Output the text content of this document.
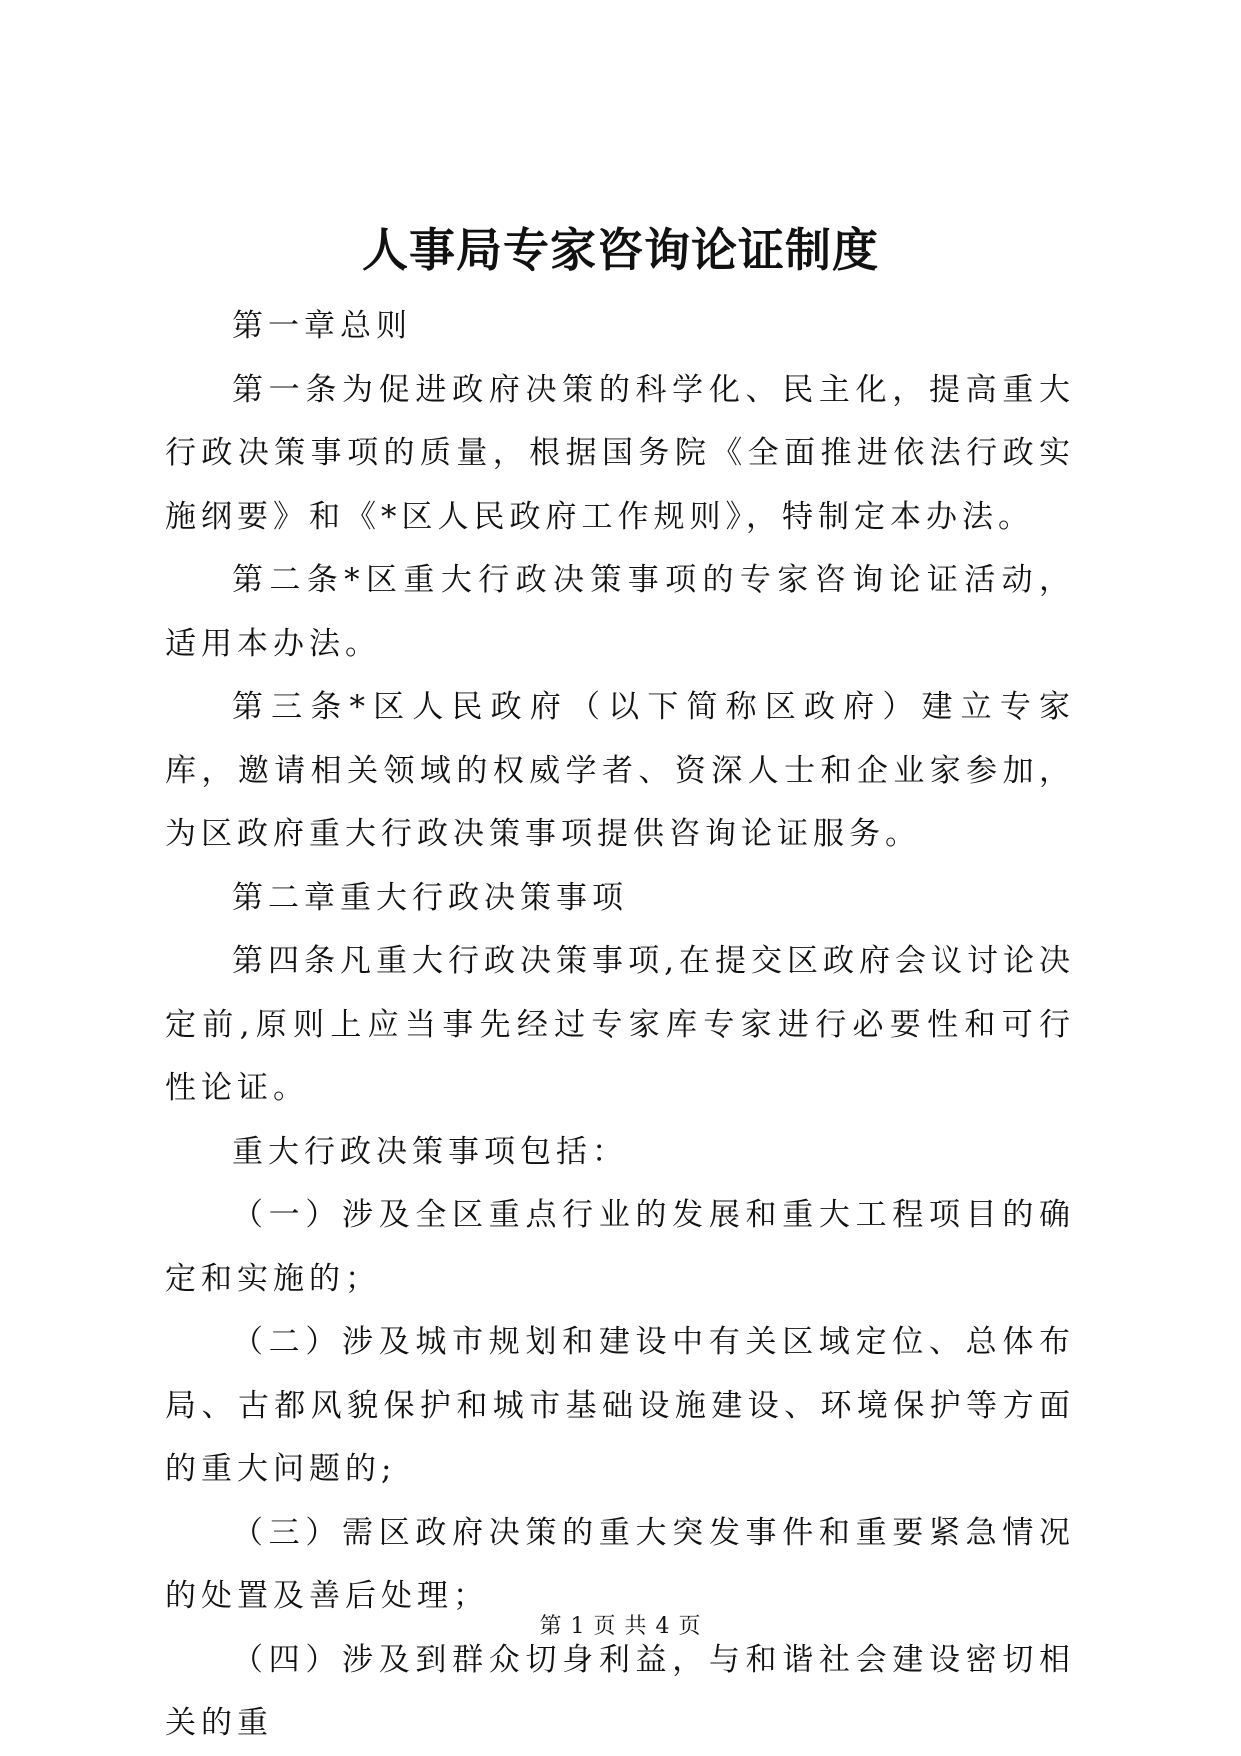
人事局专家咨询论证制度

第一章总则

第一条为促进政府决策的科学化、民主化，提高重大行政决策事项的质量，根据国务院《全面推进依法行政实施纲要》和《*区人民政府工作规则》，特制定本办法。

第二条*区重大行政决策事项的专家咨询论证活动，适用本办法。

第三条*区人民政府（以下简称区政府）建立专家库，邀请相关领域的权威学者、资深人士和企业家参加，为区政府重大行政决策事项提供咨询论证服务。

第二章重大行政决策事项

第四条凡重大行政决策事项,在提交区政府会议讨论决定前,原则上应当事先经过专家库专家进行必要性和可行性论证。

重大行政决策事项包括：

（一）涉及全区重点行业的发展和重大工程项目的确定和实施的；

（二）涉及城市规划和建设中有关区域定位、总体布局、古都风貌保护和城市基础设施建设、环境保护等方面的重大问题的;

（三）需区政府决策的重大突发事件和重要紧急情况的处置及善后处理；

（四）涉及到群众切身利益，与和谐社会建设密切相关的重

第 1 页 共 4 页
